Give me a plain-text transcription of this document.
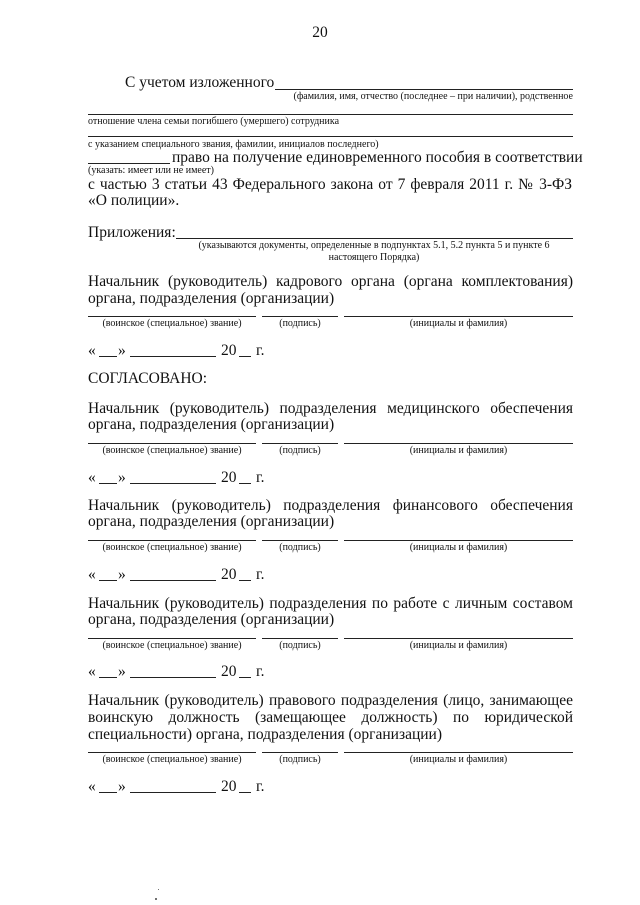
20
С учетом изложенного
(фамилия, имя, отчество (последнее – при наличии), родственное
отношение члена семьи погибшего (умершего) сотрудника
с указанием специального звания, фамилии, инициалов последнего)
право на получение единовременного пособия в соответствии
(указать: имеет или не имеет)
с частью 3 статьи 43 Федерального закона от 7 февраля 2011 г. № 3-ФЗ
«О полиции».
Приложения:
(указываются документы, определенные в подпунктах 5.1, 5.2 пункта 5 и пункте 6
настоящего Порядка)
Начальник (руководитель) кадрового органа (органа комплектования)
органа, подразделения (организации)
(воинское (специальное) звание)	(подпись)	(инициалы и фамилия)
« »	20 г.
СОГЛАСОВАНО:
Начальник (руководитель) подразделения медицинского обеспечения
органа, подразделения (организации)
(воинское (специальное) звание)	(подпись)	(инициалы и фамилия)
« »	20 г.
Начальник (руководитель) подразделения финансового обеспечения
органа, подразделения (организации)
(воинское (специальное) звание)	(подпись)	(инициалы и фамилия)
« »	20 г.
Начальник (руководитель) подразделения по работе с личным составом
органа, подразделения (организации)
(воинское (специальное) звание)	(подпись)	(инициалы и фамилия)
« »	20 г.
Начальник (руководитель) правового подразделения (лицо, занимающее
воинскую должность (замещающее должность) по юридической
специальности) органа, подразделения (организации)
(воинское (специальное) звание)	(подпись)	(инициалы и фамилия)
« »	20 г.
